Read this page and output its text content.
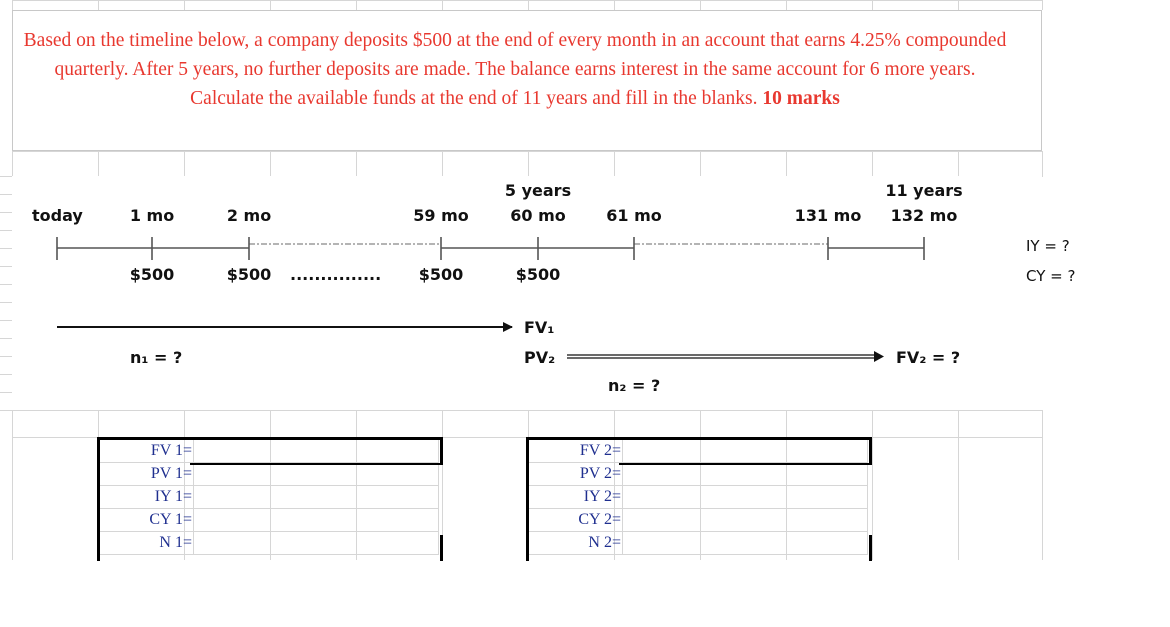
Based on the timeline below, a company deposits $500 at the end of every month in an account that earns 4.25% compounded quarterly. After 5 years, no further deposits are made. The balance earns interest in the same account for 6 more years. Calculate the available funds at the end of 11 years and fill in the blanks. 10 marks
5 years	11 years
today	1 mo	2 mo	59 mo	60 mo	61 mo	131 mo 132 mo
$500	$500 ............... $500	$500
IY = ?
CY = ?
FV₁
n₁ = ?	PV₂	FV₂ = ?
n₂ = ?
FV 1=	
PV 1=	
IY 1=	
CY 1=	
N 1=	
FV 2=	
PV 2=	
IY 2=	
CY 2=	
N 2=	
